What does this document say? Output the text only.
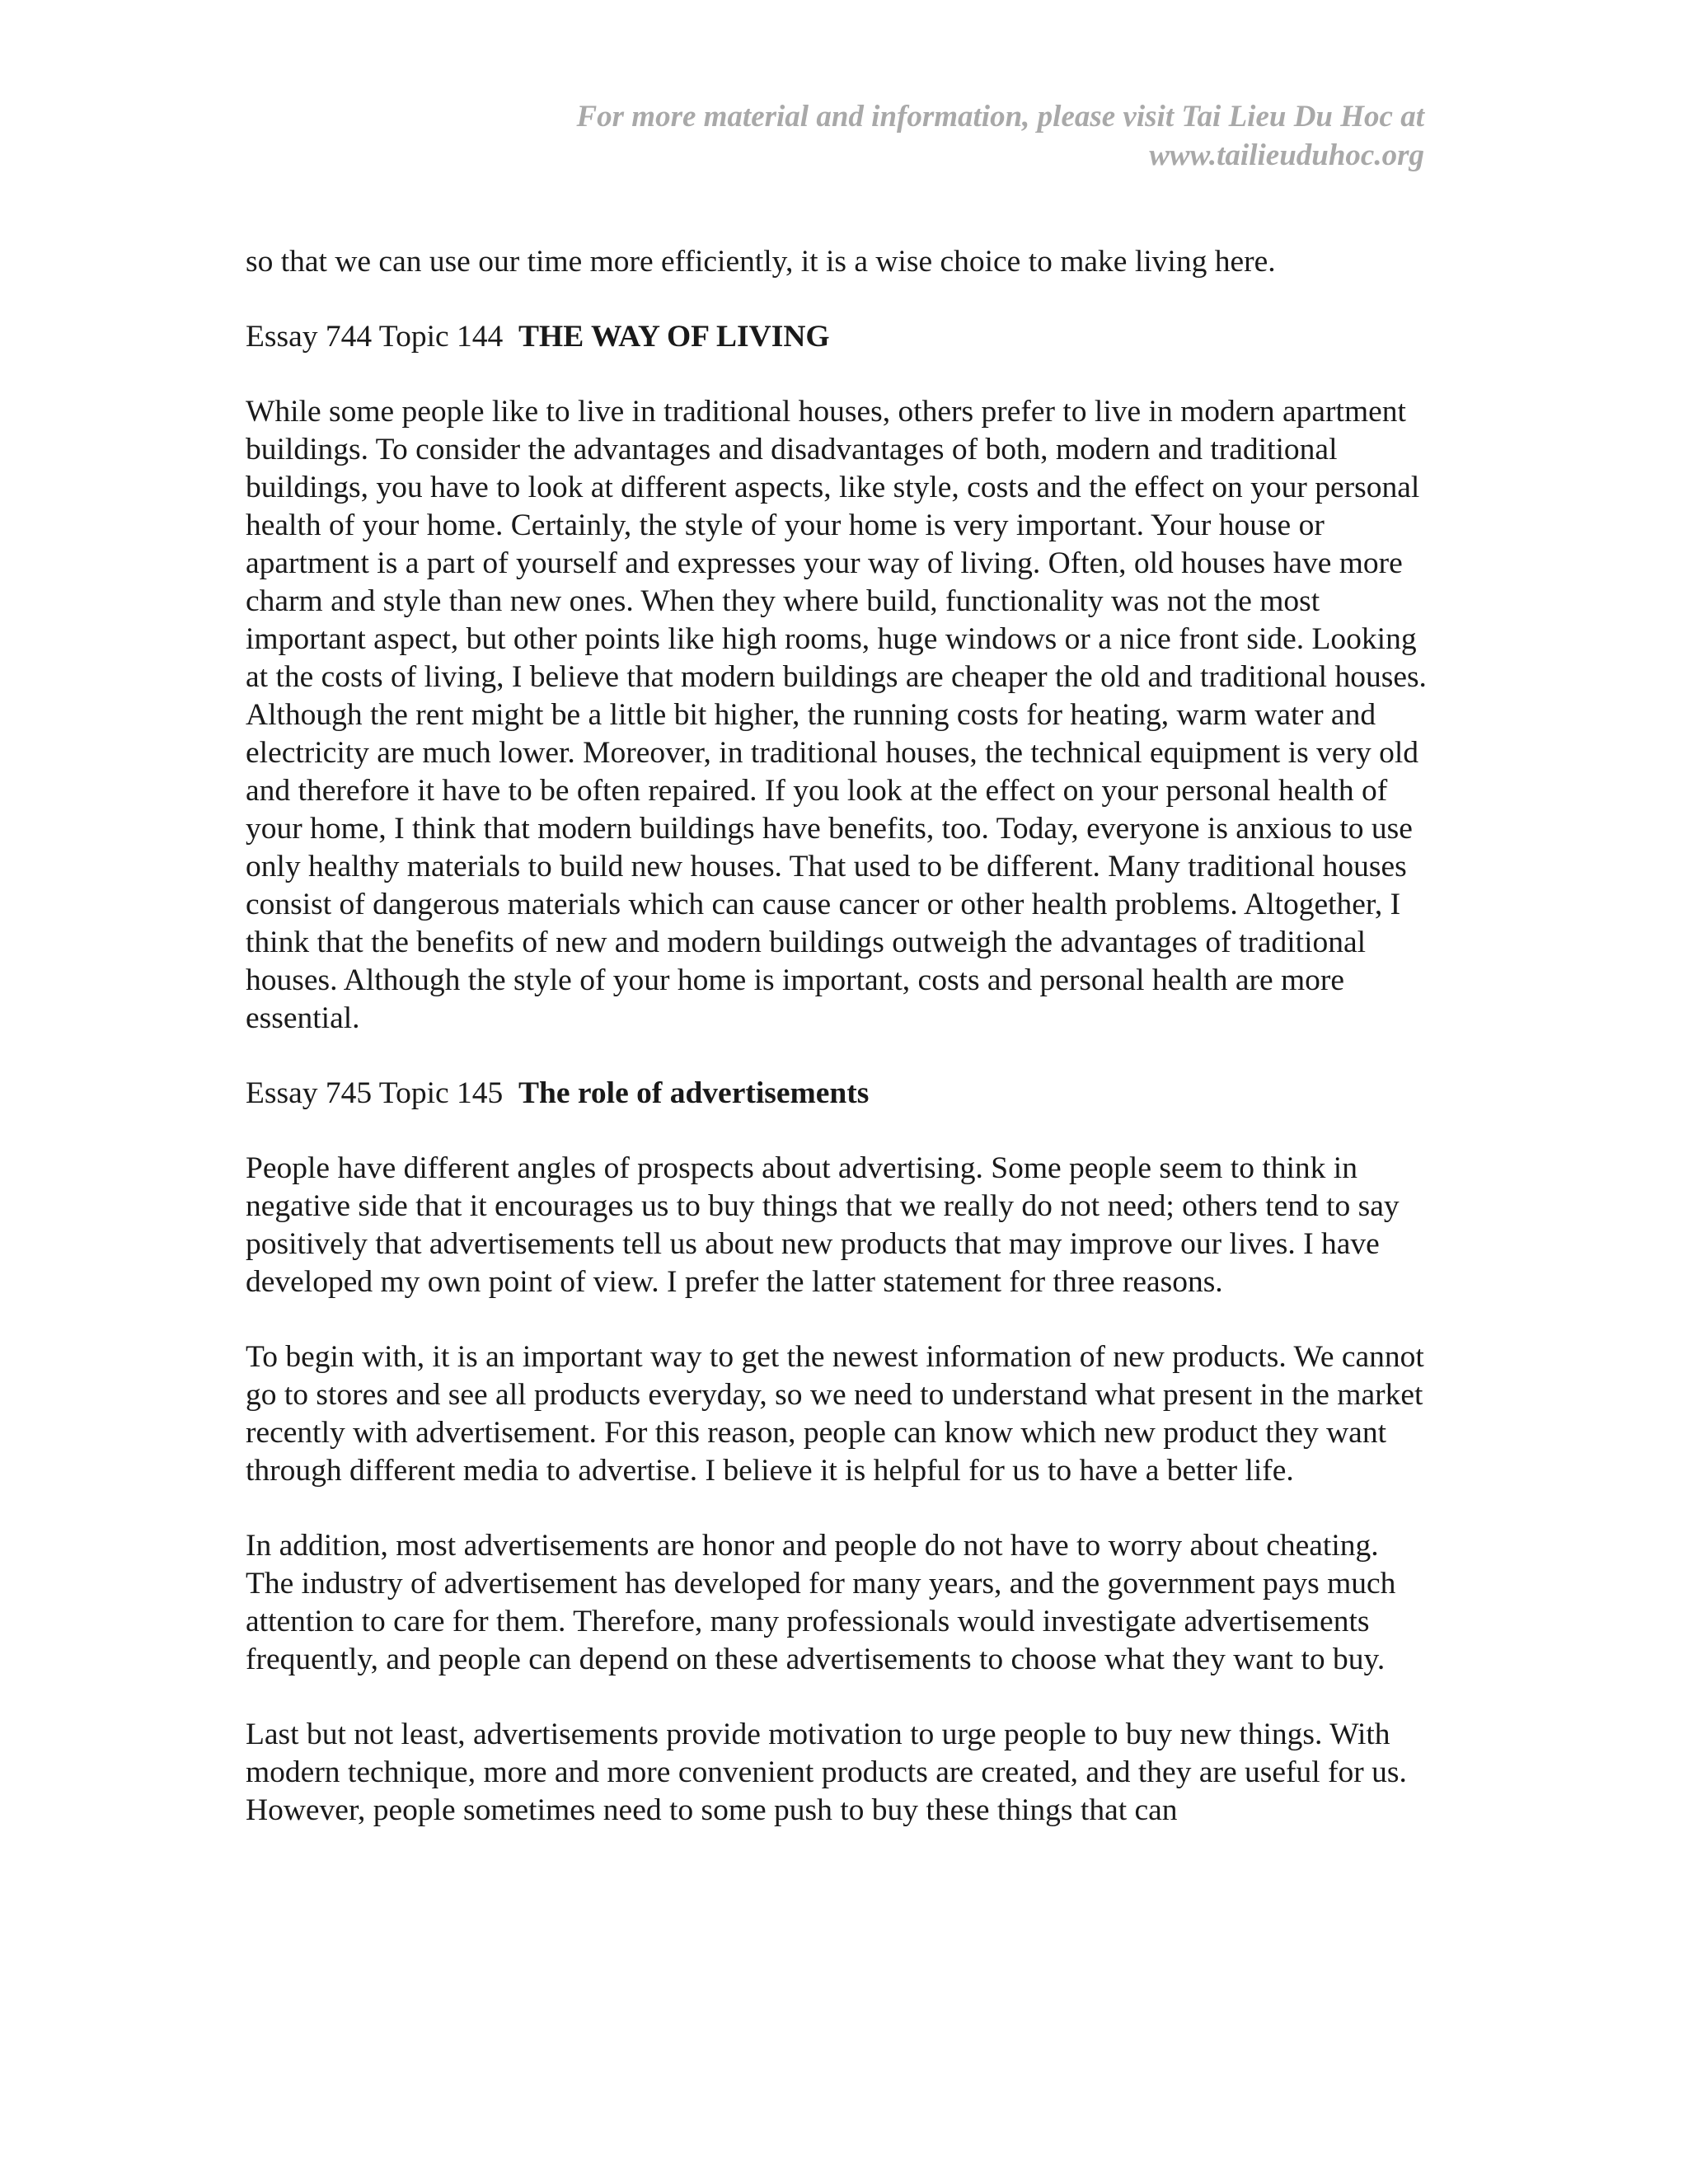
For more material and information, please visit Tai Lieu Du Hoc at
www.tailieuduhoc.org

so that we can use our time more efficiently, it is a wise choice to make living here.

Essay 744 Topic 144 THE WAY OF LIVING

While some people like to live in traditional houses, others prefer to live in modern apartment buildings. To consider the advantages and disadvantages of both, modern and traditional buildings, you have to look at different aspects, like style, costs and the effect on your personal health of your home. Certainly, the style of your home is very important. Your house or apartment is a part of yourself and expresses your way of living. Often, old houses have more charm and style than new ones. When they where build, functionality was not the most important aspect, but other points like high rooms, huge windows or a nice front side. Looking at the costs of living, I believe that modern buildings are cheaper the old and traditional houses. Although the rent might be a little bit higher, the running costs for heating, warm water and electricity are much lower. Moreover, in traditional houses, the technical equipment is very old and therefore it have to be often repaired. If you look at the effect on your personal health of your home, I think that modern buildings have benefits, too. Today, everyone is anxious to use only healthy materials to build new houses. That used to be different. Many traditional houses consist of dangerous materials which can cause cancer or other health problems. Altogether, I think that the benefits of new and modern buildings outweigh the advantages of traditional houses. Although the style of your home is important, costs and personal health are more essential.

Essay 745 Topic 145 The role of advertisements

People have different angles of prospects about advertising. Some people seem to think in negative side that it encourages us to buy things that we really do not need; others tend to say positively that advertisements tell us about new products that may improve our lives. I have developed my own point of view. I prefer the latter statement for three reasons.

To begin with, it is an important way to get the newest information of new products. We cannot go to stores and see all products everyday, so we need to understand what present in the market recently with advertisement. For this reason, people can know which new product they want through different media to advertise. I believe it is helpful for us to have a better life.

In addition, most advertisements are honor and people do not have to worry about cheating. The industry of advertisement has developed for many years, and the government pays much attention to care for them. Therefore, many professionals would investigate advertisements frequently, and people can depend on these advertisements to choose what they want to buy.

Last but not least, advertisements provide motivation to urge people to buy new things. With modern technique, more and more convenient products are created, and they are useful for us. However, people sometimes need to some push to buy these things that can
